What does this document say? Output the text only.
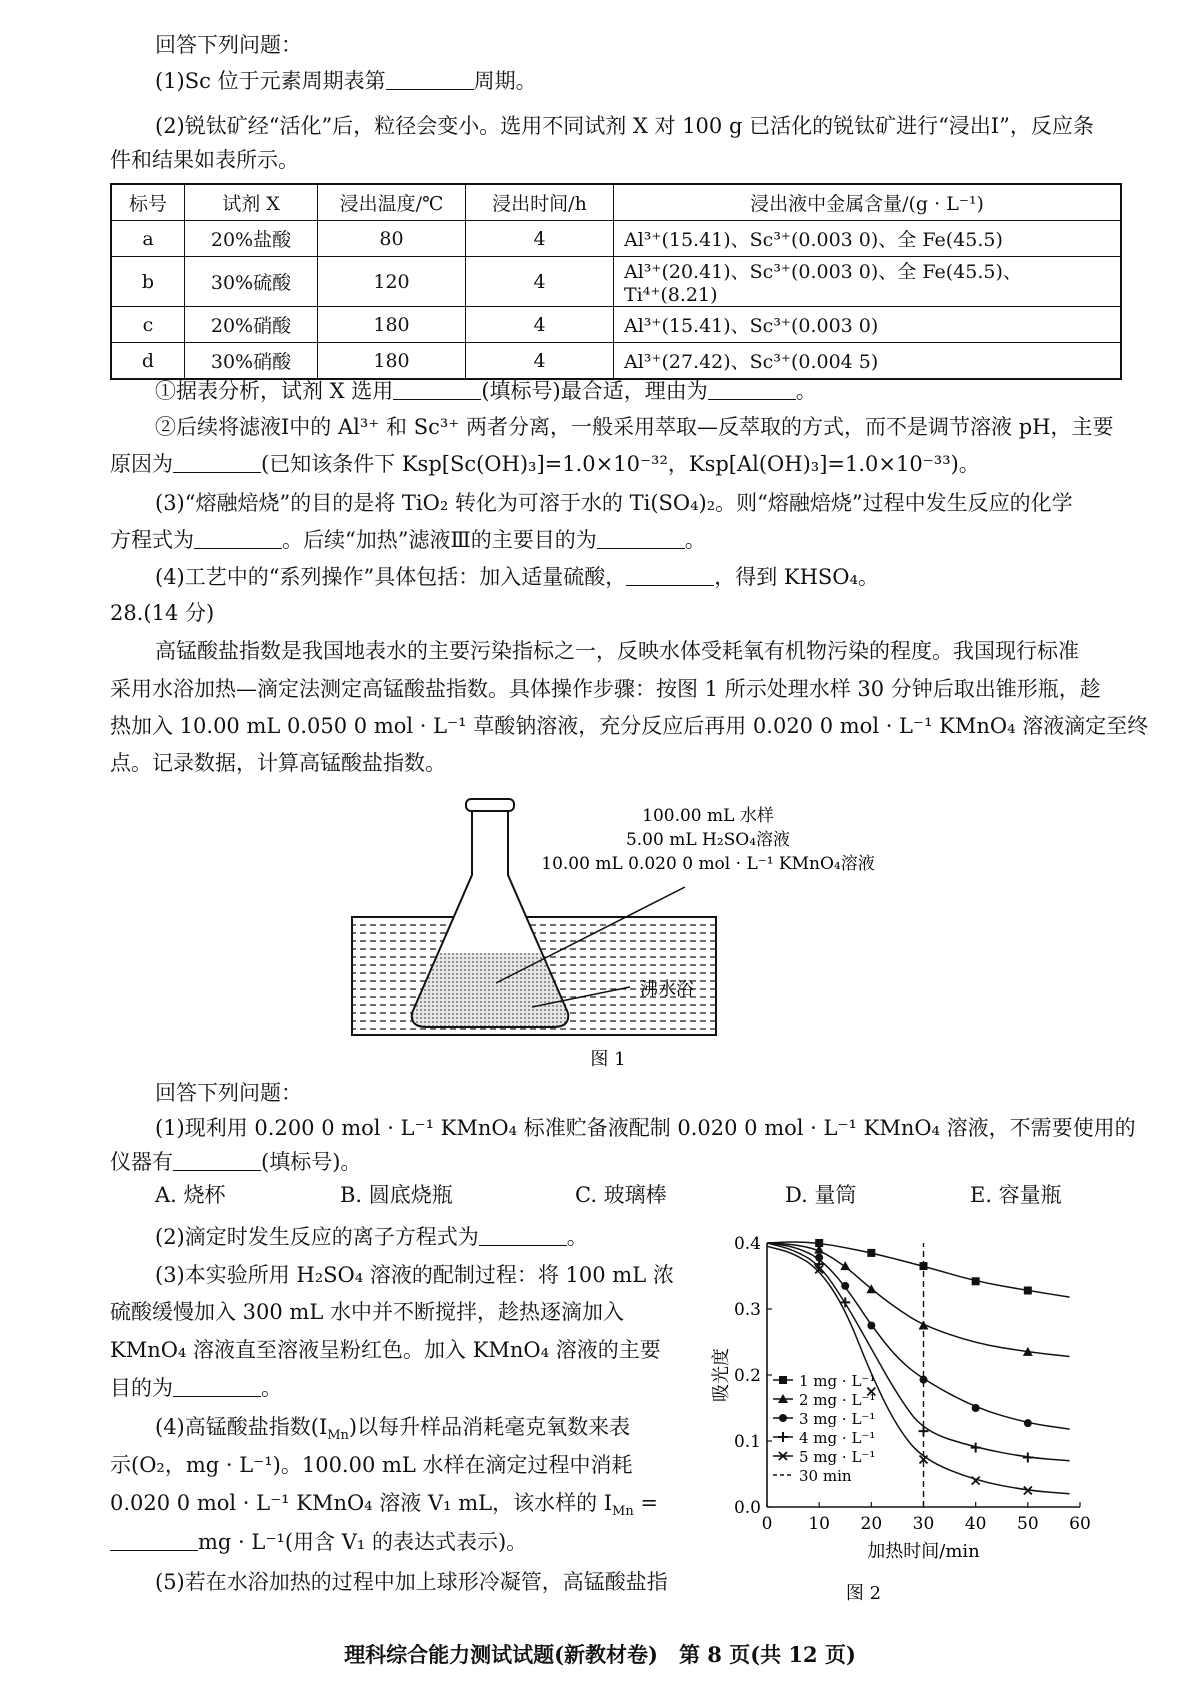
回答下列问题：
(1)Sc 位于元素周期表第	周期。
(2)锐钛矿经“活化”后，粒径会变小。选用不同试剂 X 对 100 g 已活化的锐钛矿进行“浸出Ⅰ”，反应条
件和结果如表所示。
标号	试剂 X	浸出温度/℃	浸出时间/h	浸出液中金属含量/(g · L⁻¹)
a	20%盐酸	80	4	Al³⁺(15.41)、Sc³⁺(0.003 0)、全 Fe(45.5)
b	30%硫酸	120	4	Al³⁺(20.41)、Sc³⁺(0.003 0)、全 Fe(45.5)、Ti⁴⁺(8.21)
c	20%硝酸	180	4	Al³⁺(15.41)、Sc³⁺(0.003 0)
d	30%硝酸	180	4	Al³⁺(27.42)、Sc³⁺(0.004 5)
①据表分析，试剂 X 选用	(填标号)最合适，理由为	。
②后续将滤液Ⅰ中的 Al³⁺ 和 Sc³⁺ 两者分离，一般采用萃取—反萃取的方式，而不是调节溶液 pH，主要
原因为	(已知该条件下 Ksp[Sc(OH)₃]=1.0×10⁻³²，Ksp[Al(OH)₃]=1.0×10⁻³³)。
(3)“熔融焙烧”的目的是将 TiO₂ 转化为可溶于水的 Ti(SO₄)₂。则“熔融焙烧”过程中发生反应的化学
方程式为	。后续“加热”滤液Ⅲ的主要目的为	。
(4)工艺中的“系列操作”具体包括：加入适量硫酸，	，得到 KHSO₄。
28.(14 分)
高锰酸盐指数是我国地表水的主要污染指标之一，反映水体受耗氧有机物污染的程度。我国现行标准
采用水浴加热—滴定法测定高锰酸盐指数。具体操作步骤：按图 1 所示处理水样 30 分钟后取出锥形瓶，趁
热加入 10.00 mL 0.050 0 mol · L⁻¹ 草酸钠溶液，充分反应后再用 0.020 0 mol · L⁻¹ KMnO₄ 溶液滴定至终
点。记录数据，计算高锰酸盐指数。
100.00 mL 水样
5.00 mL H₂SO₄溶液
10.00 mL 0.020 0 mol · L⁻¹ KMnO₄溶液
沸水浴
图 1
回答下列问题：
(1)现利用 0.200 0 mol · L⁻¹ KMnO₄ 标准贮备液配制 0.020 0 mol · L⁻¹ KMnO₄ 溶液，不需要使用的
仪器有	(填标号)。
A. 烧杯	B. 圆底烧瓶	C. 玻璃棒	D. 量筒	E. 容量瓶
(2)滴定时发生反应的离子方程式为	。
(3)本实验所用 H₂SO₄ 溶液的配制过程：将 100 mL 浓
硫酸缓慢加入 300 mL 水中并不断搅拌，趁热逐滴加入
KMnO₄ 溶液直至溶液呈粉红色。加入 KMnO₄ 溶液的主要
目的为	。
(4)高锰酸盐指数$(I_{Mn})$以每升样品消耗毫克氧数来表
示(O₂，mg · L⁻¹)。100.00 mL 水样在滴定过程中消耗
0.020 0 mol · L⁻¹ KMnO₄ 溶液 V₁ mL，该水样的 $I_{Mn}$ =
mg · L⁻¹(用含 V₁ 的表达式表示)。
(5)若在水浴加热的过程中加上球形冷凝管，高锰酸盐指
0 10 20 30 40 50 60
0.0
0.1
0.2
0.3
0.4
加热时间/min
吸光度	1 mg · L⁻¹
2 mg · L⁻¹
3 mg · L⁻¹
4 mg · L⁻¹
5 mg · L⁻¹
30 min
图 2
理科综合能力测试试题(新教材卷)　第 8 页(共 12 页)
